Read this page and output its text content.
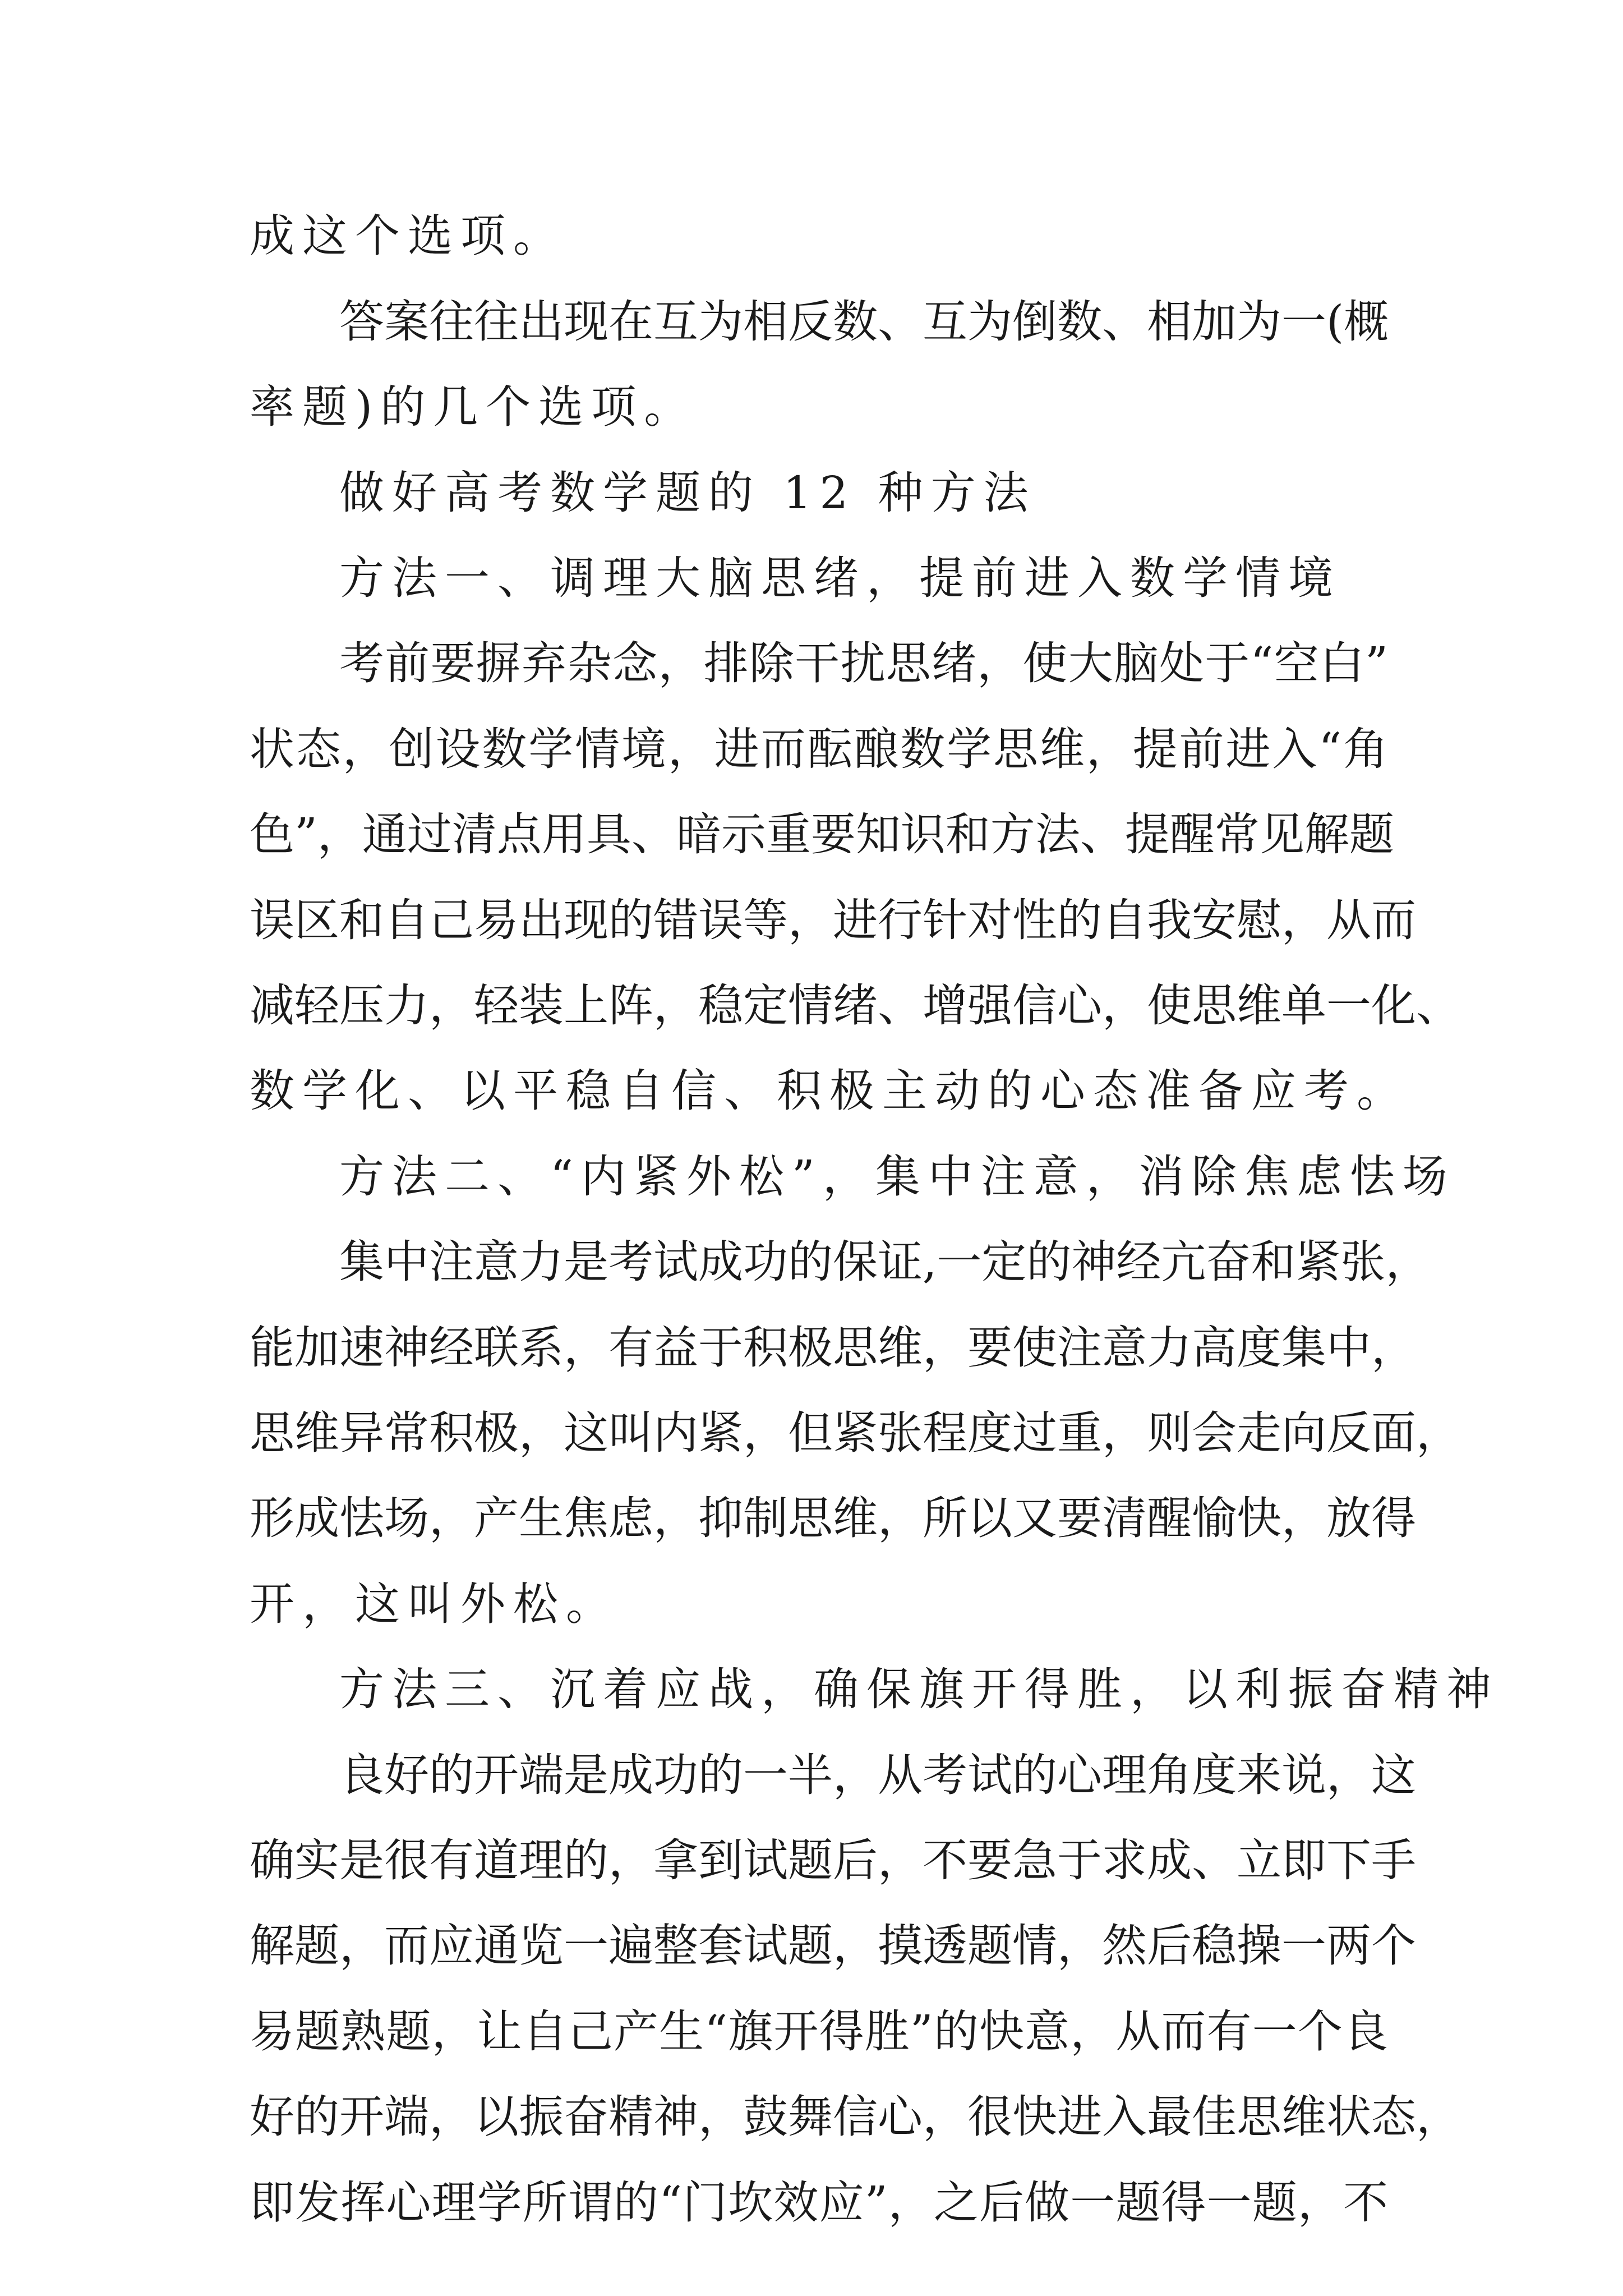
成这个选项。

答案往往出现在互为相反数、互为倒数、相加为一(概

率题)的几个选项。

做好高考数学题的 12 种方法

方法一、调理大脑思绪，提前进入数学情境

考前要摒弃杂念，排除干扰思绪，使大脑处于“空白”

状态，创设数学情境，进而酝酿数学思维，提前进入“角

色”，通过清点用具、暗示重要知识和方法、提醒常见解题

误区和自己易出现的错误等，进行针对性的自我安慰，从而

减轻压力，轻装上阵，稳定情绪、增强信心，使思维单一化、

数学化、以平稳自信、积极主动的心态准备应考。

方法二、“内紧外松”，集中注意，消除焦虑怯场

集中注意力是考试成功的保证,一定的神经亢奋和紧张，

能加速神经联系，有益于积极思维，要使注意力高度集中，

思维异常积极，这叫内紧，但紧张程度过重，则会走向反面，

形成怯场，产生焦虑，抑制思维，所以又要清醒愉快，放得

开，这叫外松。

方法三、沉着应战，确保旗开得胜，以利振奋精神

良好的开端是成功的一半，从考试的心理角度来说，这

确实是很有道理的，拿到试题后，不要急于求成、立即下手

解题，而应通览一遍整套试题，摸透题情，然后稳操一两个

易题熟题，让自己产生“旗开得胜”的快意，从而有一个良

好的开端，以振奋精神，鼓舞信心，很快进入最佳思维状态，

即发挥心理学所谓的“门坎效应”，之后做一题得一题，不
